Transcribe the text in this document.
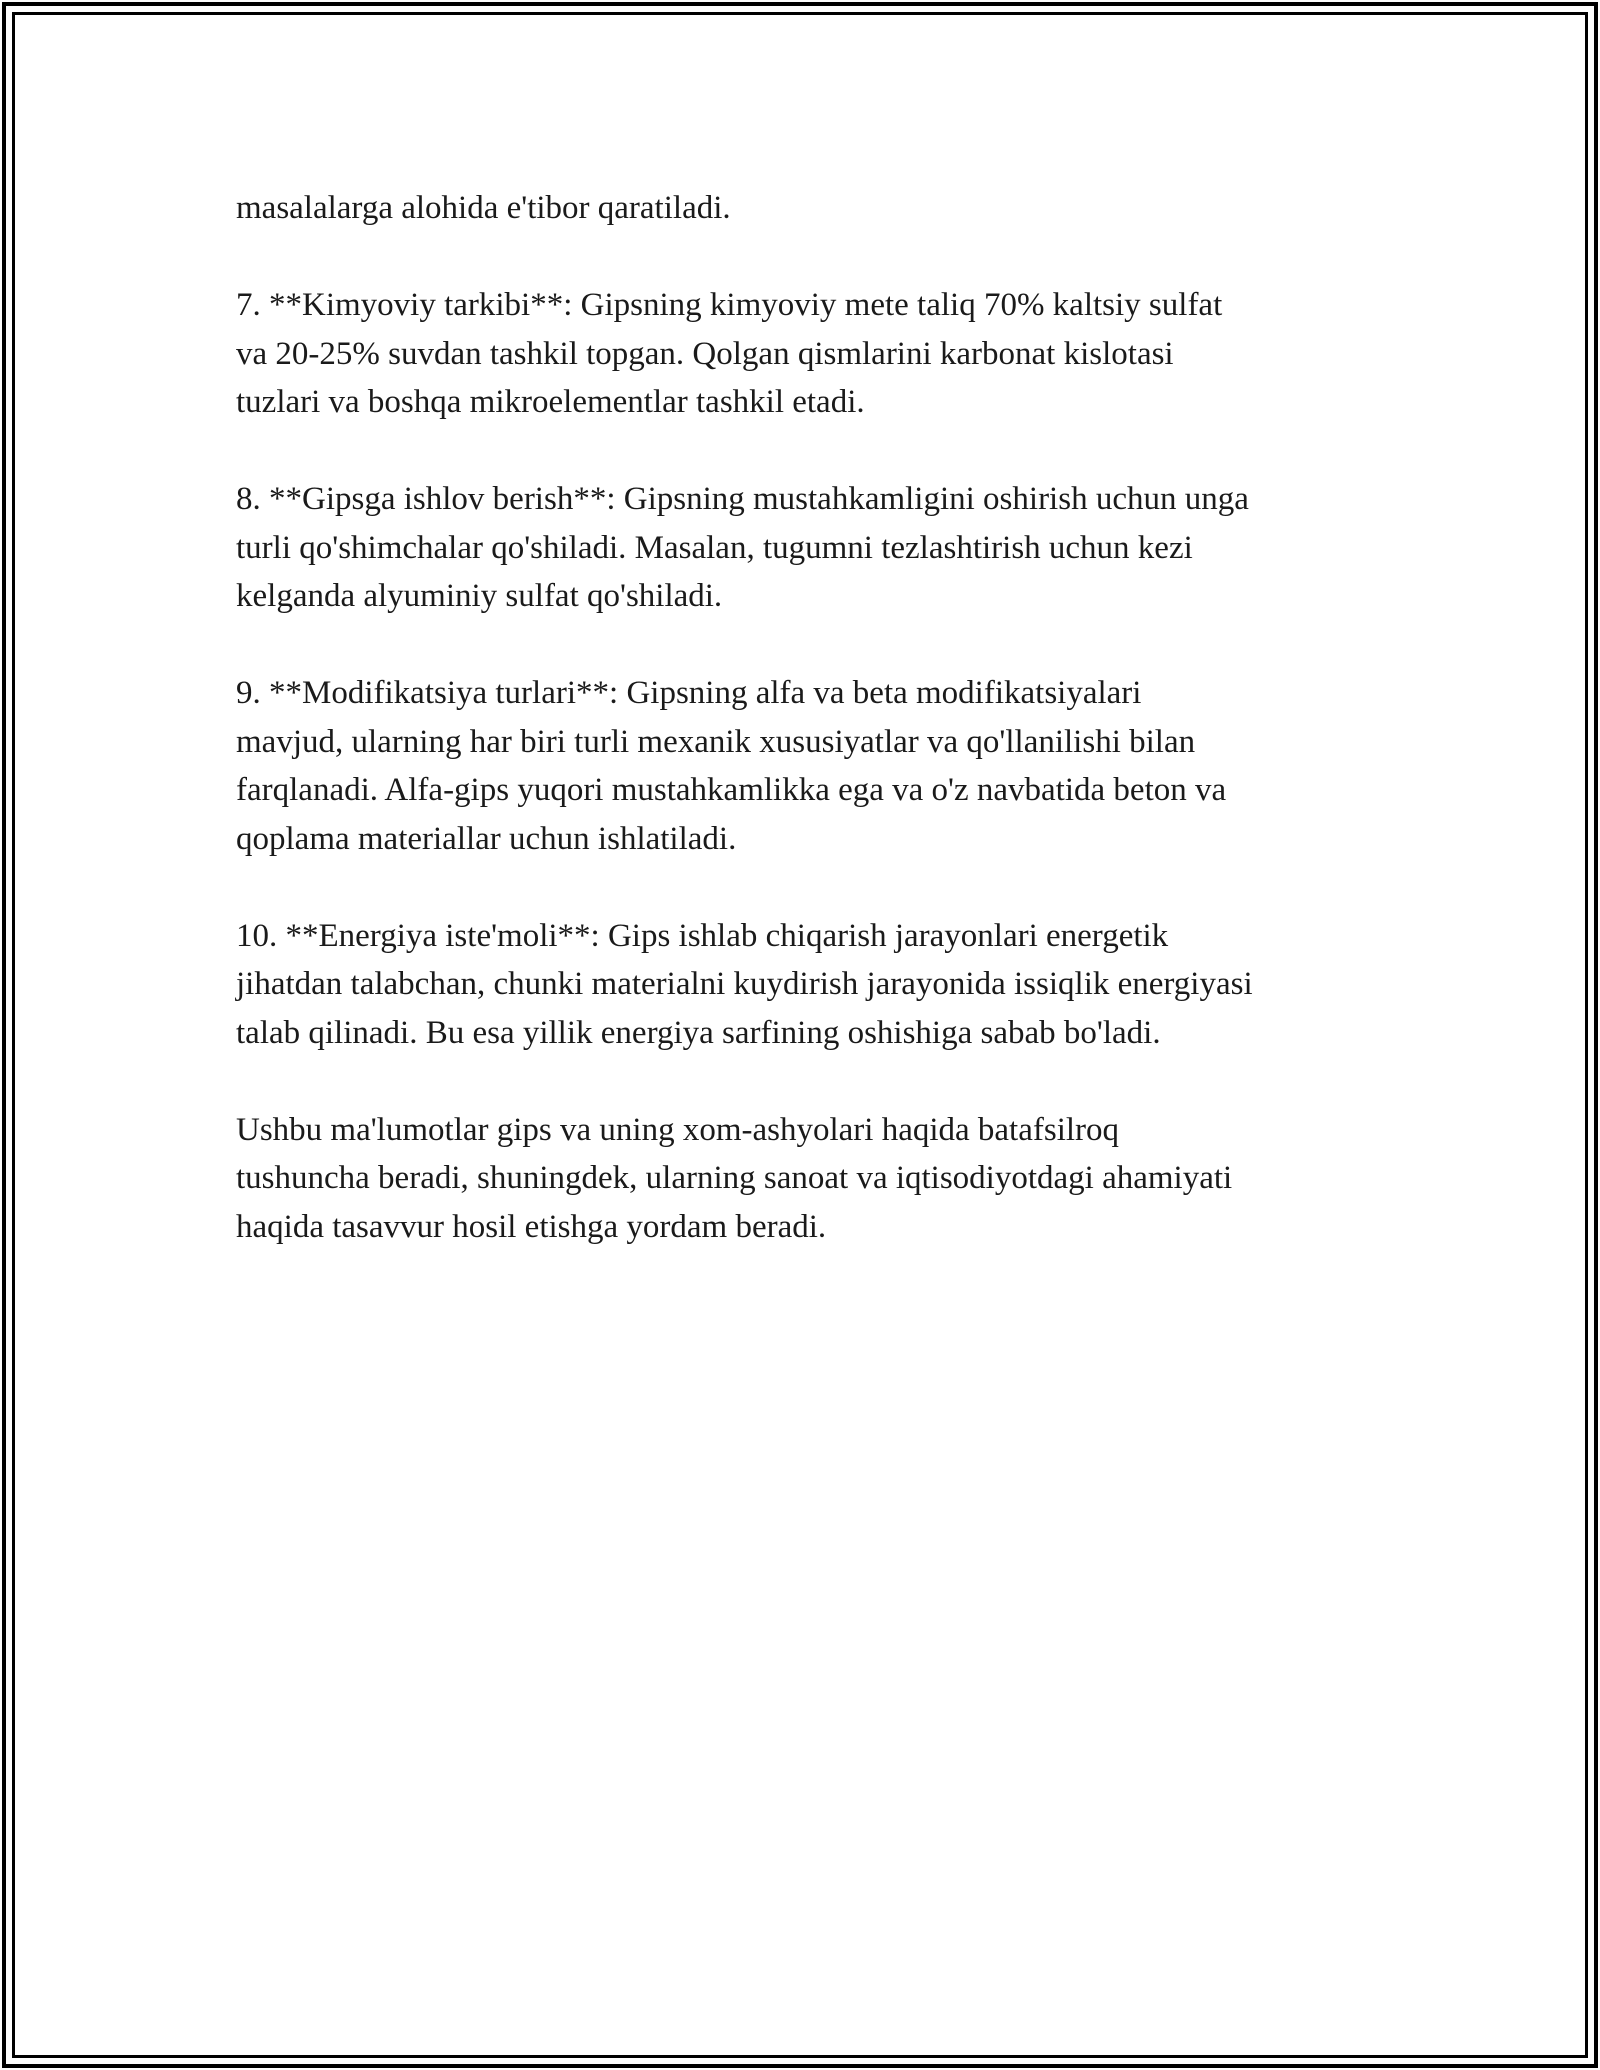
masalalarga alohida e'tibor qaratiladi.

7. **Kimyoviy tarkibi**: Gipsning kimyoviy mete taliq 70% kaltsiy sulfat
va 20-25% suvdan tashkil topgan. Qolgan qismlarini karbonat kislotasi
tuzlari va boshqa mikroelementlar tashkil etadi.

8. **Gipsga ishlov berish**: Gipsning mustahkamligini oshirish uchun unga
turli qo'shimchalar qo'shiladi. Masalan, tugumni tezlashtirish uchun kezi
kelganda alyuminiy sulfat qo'shiladi.

9. **Modifikatsiya turlari**: Gipsning alfa va beta modifikatsiyalari
mavjud, ularning har biri turli mexanik xususiyatlar va qo'llanilishi bilan
farqlanadi. Alfa-gips yuqori mustahkamlikka ega va o'z navbatida beton va
qoplama materiallar uchun ishlatiladi.

10. **Energiya iste'moli**: Gips ishlab chiqarish jarayonlari energetik
jihatdan talabchan, chunki materialni kuydirish jarayonida issiqlik energiyasi
talab qilinadi. Bu esa yillik energiya sarfining oshishiga sabab bo'ladi.

Ushbu ma'lumotlar gips va uning xom-ashyolari haqida batafsilroq
tushuncha beradi, shuningdek, ularning sanoat va iqtisodiyotdagi ahamiyati
haqida tasavvur hosil etishga yordam beradi.
